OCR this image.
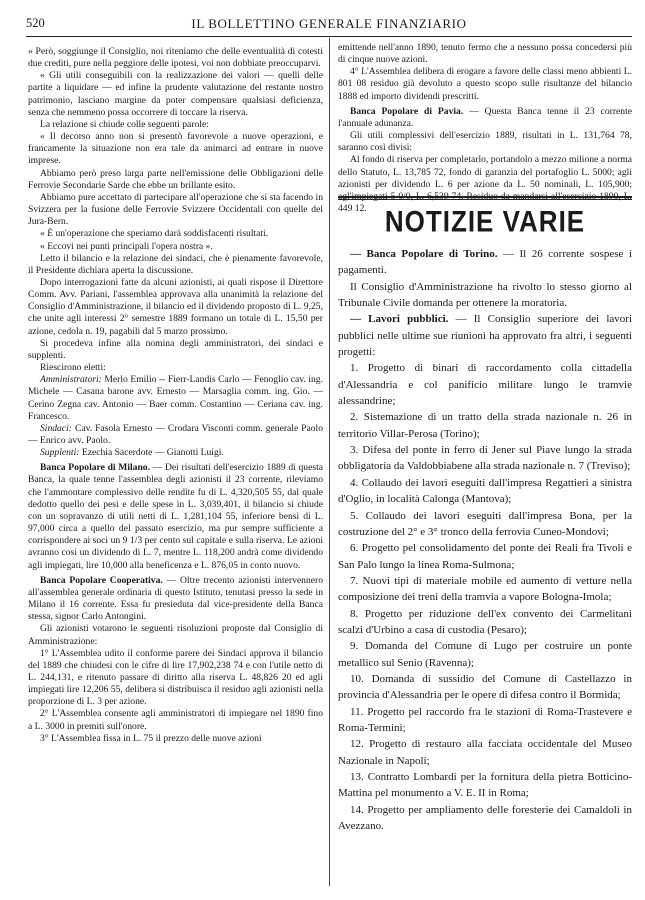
520	IL BOLLETTINO GENERALE FINANZIARIO

« Però, soggiunge il Consiglio, noi riteniamo che delle eventualità di cotesti due crediti, pure nella peggiore delle ipotesi, voi non dobbiate preoccuparvi.

« Gli utili conseguibili con la realizzazione dei valori — quelli delle partite a liquidare — ed infine la prudente valutazione del restante nostro patrimonio, lasciano margine da poter compensare qualsiasi deficienza, senza che nemmeno possa occorrere di toccare la riserva.

La relazione si chiude colle seguenti parole:

« Il decorso anno non si presentò favorevole a nuove operazioni, e francamente la situazione non era tale da animarci ad entrare in nuove imprese.

Abbiamo però preso larga parte nell'emissione delle Obbligazioni delle Ferrovie Secondarie Sarde che ebbe un brillante esito.

Abbiamo pure accettato di partecipare all'operazione che si sta facendo in Svizzera per la fusione delle Ferrovie Svizzere Occidentali con quelle del Jura-Bern.

« È un'operazione che speriamo darà soddisfacenti risultati.

« Eccovi nei punti principali l'opera nostra ».

Letto il bilancio e la relazione dei sindaci, che è pienamente favorevole, il Presidente dichiara aperta la discussione.

Dopo interrogazioni fatte da alcuni azionisti, ai quali rispose il Direttore Comm. Avv. Pariani, l'assemblea approvava alla unanimità la relazione del Consiglio d'Amministrazione, il bilancio ed il dividendo proposto di L. 9,25, che unite agli interessi 2° semestre 1889 formano un totale di L. 15,50 per azione, cedola n. 19, pagabili dal 5 marzo prossimo.

Si procedeva infine alla nomina degli amministratori, dei sindaci e supplenti.

Riescirono eletti:

Amministratori: Merlo Emilio -- Fierr-Landis Carlo — Fenoglio cav. ing. Michele — Casana barone avv. Ernesto — Marsaglia comm. ing. Gio. — Cerino Zegna cav. Antonio — Baer comm. Costantino — Ceriana cav. ing. Francesco.

Sindaci: Cav. Fasola Ernesto — Crodara Visconti comm. generale Paolo — Enrico avv. Paolo.

Supplenti: Ezechia Sacerdote — Gianotti Luigi.

Banca Popolare di Milano. — Dei risultati dell'esercizio 1889 di questa Banca, la quale tenne l'assemblea degli azionisti il 23 corrente, rileviamo che l'ammontare complessivo delle rendite fu di L. 4,320,505 55, dal quale dedotto quello dei pesi e delle spese in L. 3,039,401, il bilancio si chiude con un sopravanzo di utili netti di L. 1,281,104 55, inferiore bensì di L. 97,000 circa a quello del passato esercizio, ma pur sempre sufficiente a corrispondere ai soci un 9 1/3 per cento sul capitale e sulla riserva. Le azioni avranno così un dividendo di L. 7, mentre L. 118,200 andrà come dividendo agli impiegati, lire 10,000 alla beneficenza e L. 876,05 in conto nuovo.

Banca Popolare Cooperativa. — Oltre trecento azionisti intervennero all'assemblea generale ordinaria di questo Istituto, tenutasi presso la sede in Milano il 16 corrente. Essa fu presieduta dal vice-presidente della Banca stessa, signor Carlo Antongini.

Gli azionisti votarono le seguenti risoluzioni proposte dal Consiglio di Amministrazione:

1° L'Assemblea udito il conforme parere dei Sindaci approva il bilancio del 1889 che chiudesi con le cifre di lire 17,902,238 74 e con l'utile netto di L. 244,131, e ritenuto passare di diritto alla riserva L. 48,826 20 ed agli impiegati lire 12,206 55, delibera si distribuisca il residuo agli azionisti nella proporzione di L. 3 per azione.

2° L'Assemblea consente agli amministratori di impiegare nel 1890 fino a L. 3000 in premiti sull'onore.

3° L'Assemblea fissa in L. 75 il prezzo delle nuove azioni

emittende nell'anno 1890, tenuto fermo che a nessuno possa concedersi più di cinque nuove azioni.

4° L'Assemblea delibera di erogare a favore delle classi meno abbienti L. 801 08 residuo già devoluto a questo scopo sulle risultanze del bilancio 1888 ed importo dividendi prescritti.

Banca Popolare di Pavia. — Questa Banca tenne il 23 corrente l'annuale adunanza.

Gli utili complessivi dell'esercizio 1889, risultati in L. 131,764 78, saranno così divisi:

Al fondo di riserva per completarlo, portandolo a mezzo milione a norma dello Statuto, L. 13,785 72, fondo di garanzia del portafoglio L. 5000; agli azionisti per dividendo L. 6 per azione da L. 50 nominali, L. 105,900; agl'impiegati 5 0/0, L. 6,539 74. Residuo da mandarsi all'esercizio 1890, L. 449 12. NOTIZIE VARIE

— Banca Popolare di Torino. — Il 26 corrente sospese i pagamenti.

Il Consiglio d'Amministrazione ha rivolto lo stesso giorno al Tribunale Civile domanda per ottenere la moratoria.

— Lavori pubblici. — Il Consiglio superiore dei lavori pubblici nelle ultime sue riunioni ha approvato fra altri, i seguenti progetti:

1. Progetto di binari di raccordamento colla cittadella d'Alessandria e col panificio militare lungo le tramvie alessandrine;

2. Sistemazione di un tratto della strada nazionale n. 26 in territorio Villar-Perosa (Torino);

3. Difesa del ponte in ferro di Jener sul Piave lungo la strada obbligatoria da Valdobbiabene alla strada nazionale n. 7 (Treviso);

4. Collaudo dei lavori eseguiti dall'impresa Regattieri a sinistra d'Oglio, in località Calonga (Mantova);

5. Collaudo dei lavori eseguiti dall'impresa Bona, per la costruzione del 2° e 3° tronco della ferrovia Cuneo-Mondovi;

6. Progetto pel consolidamento del ponte dei Reali fra Tivoli e San Palo lungo la linea Roma-Sulmona;

7. Nuovi tipi di materiale mobile ed aumento di vetture nella composizione dei treni della tramvia a vapore Bologna-Imola;

8. Progetto per riduzione dell'ex convento dei Carmelitani scalzi d'Urbino a casa di custodia (Pesaro);

9. Domanda del Comune di Lugo per costruire un ponte metallico sul Senio (Ravenna);

10. Domanda di sussidio del Comune di Castellazzo in provincia d'Alessandria per le opere di difesa contro il Bormida;

11. Progetto pel raccordo fra le stazioni di Roma-Trastevere e Roma-Termini;

12. Progetto di restauro alla facciata occidentale del Museo Nazionale in Napoli;

13. Contratto Lombardi per la fornitura della pietra Botticino-Mattina pel monumento a V. E. II in Roma;

14. Progetto per ampliamento delle foresterie dei Camaldoli in Avezzano.
